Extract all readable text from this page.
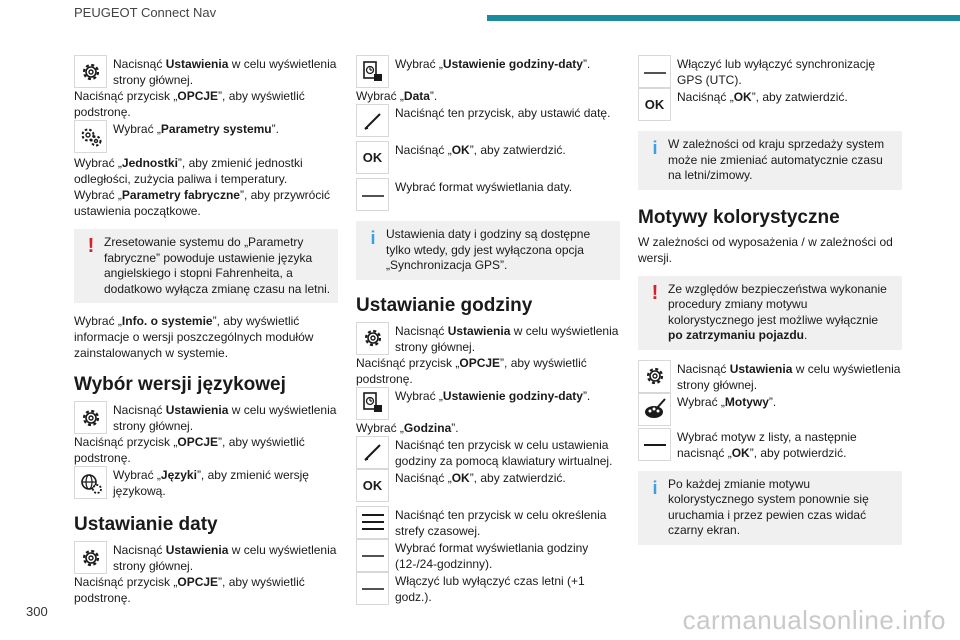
PEUGEOT Connect Nav
Nacisnąć Ustawienia w celu wyświetlenia strony głównej.
Naciśnąć przycisk „OPCJE”, aby wyświetlić podstronę.
Wybrać „Parametry systemu”.
Wybrać „Jednostki”, aby zmienić jednostki odległości, zużycia paliwa i temperatury.
Wybrać „Parametry fabryczne”, aby przywrócić ustawienia początkowe.
! Zresetowanie systemu do „Parametry fabryczne” powoduje ustawienie języka angielskiego i stopni Fahrenheita, a dodatkowo wyłącza zmianę czasu na letni.
Wybrać „Info. o systemie”, aby wyświetlić informacje o wersji poszczególnych modułów zainstalowanych w systemie.
Wybór wersji językowej
Nacisnąć Ustawienia w celu wyświetlenia strony głównej.
Naciśnąć przycisk „OPCJE”, aby wyświetlić podstronę.
Wybrać „Języki”, aby zmienić wersję językową.
Ustawianie daty
Nacisnąć Ustawienia w celu wyświetlenia strony głównej.
Naciśnąć przycisk „OPCJE”, aby wyświetlić podstronę.
Wybrać „Ustawienie godziny-daty”.
Wybrać „Data”.
Naciśnąć ten przycisk, aby ustawić datę.
OK Naciśnąć „OK”, aby zatwierdzić.
Wybrać format wyświetlania daty.
i Ustawienia daty i godziny są dostępne tylko wtedy, gdy jest wyłączona opcja „Synchronizacja GPS”.
Ustawianie godziny
Nacisnąć Ustawienia w celu wyświetlenia strony głównej.
Naciśnąć przycisk „OPCJE”, aby wyświetlić podstronę.
Wybrać „Ustawienie godziny-daty”.
Wybrać „Godzina”.
Naciśnąć ten przycisk w celu ustawienia godziny za pomocą klawiatury wirtualnej.
OK Naciśnąć „OK”, aby zatwierdzić.
Naciśnąć ten przycisk w celu określenia strefy czasowej.
Wybrać format wyświetlania godziny (12-/24-godzinny).
Włączyć lub wyłączyć czas letni (+1 godz.).
Włączyć lub wyłączyć synchronizację GPS (UTC).
OK Naciśnąć „OK”, aby zatwierdzić.
i W zależności od kraju sprzedaży system może nie zmieniać automatycznie czasu na letni/zimowy.
Motywy kolorystyczne
W zależności od wyposażenia / w zależności od wersji.
! Ze względów bezpieczeństwa wykonanie procedury zmiany motywu kolorystycznego jest możliwe wyłącznie po zatrzymaniu pojazdu.
Nacisnąć Ustawienia w celu wyświetlenia strony głównej.
Wybrać „Motywy”.
Wybrać motyw z listy, a następnie nacisnąć „OK”, aby potwierdzić.
i Po każdej zmianie motywu kolorystycznego system ponownie się uruchamia i przez pewien czas widać czarny ekran.
300	carmanualsonline.info
